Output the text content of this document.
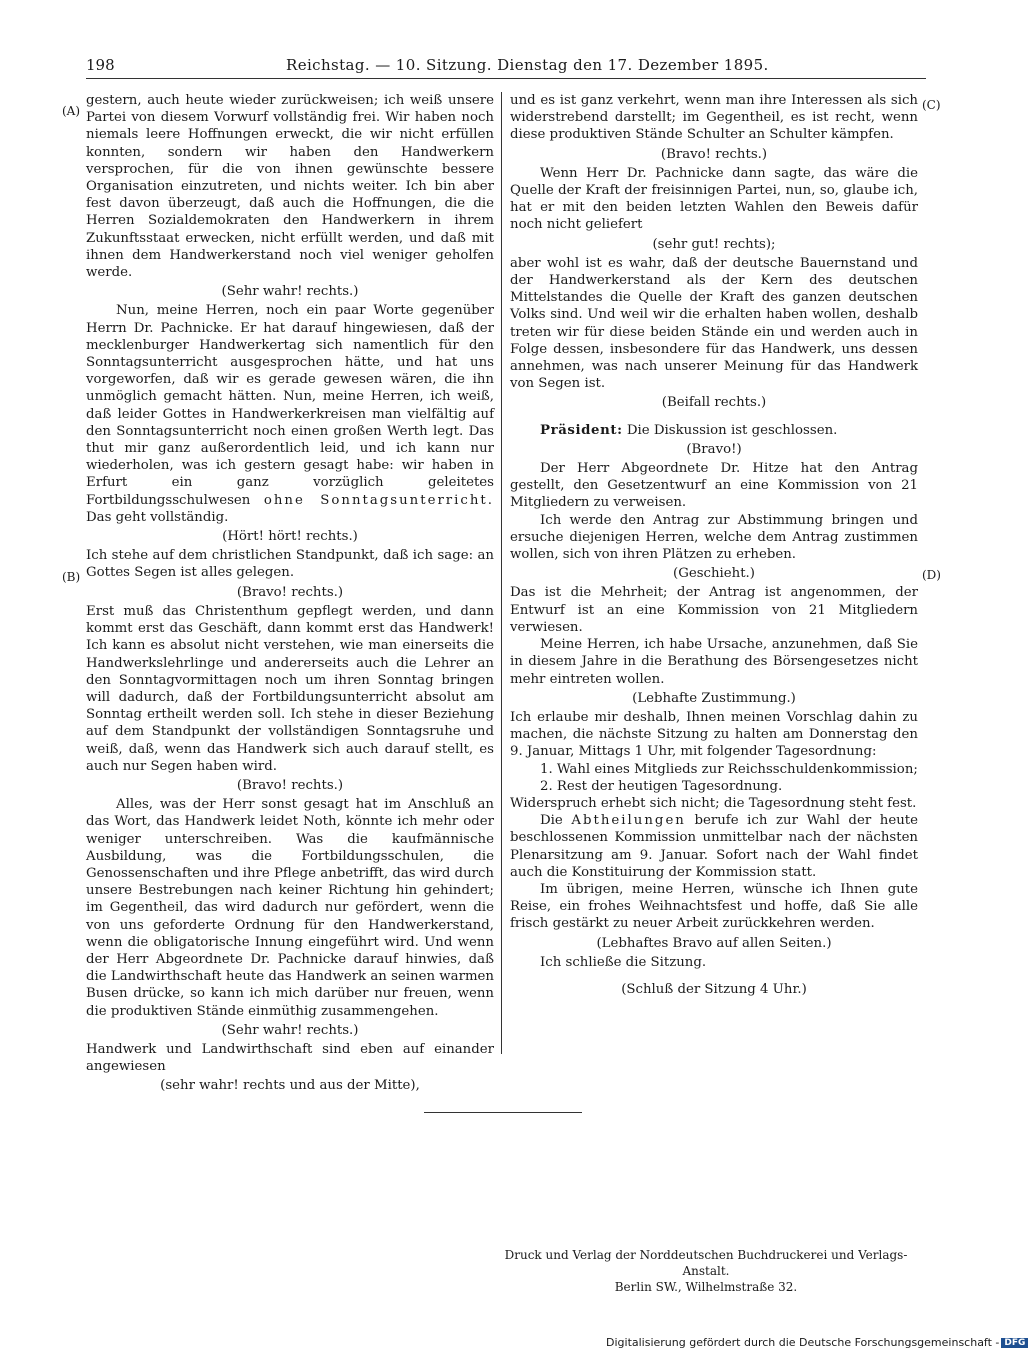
198	Reichstag. — 10. Sitzung. Dienstag den 17. Dezember 1895.
(A)
(B)
(C)
(D)

gestern, auch heute wieder zurückweisen; ich weiß unsere Partei von diesem Vorwurf vollständig frei. Wir haben noch niemals leere Hoffnungen erweckt, die wir nicht erfüllen konnten, sondern wir haben den Handwerkern versprochen, für die von ihnen gewünschte bessere Organisation einzutreten, und nichts weiter. Ich bin aber fest davon überzeugt, daß auch die Hoffnungen, die die Herren Sozialdemokraten den Handwerkern in ihrem Zukunftsstaat erwecken, nicht erfüllt werden, und daß mit ihnen dem Handwerkerstand noch viel weniger geholfen werde.

(Sehr wahr! rechts.)

Nun, meine Herren, noch ein paar Worte gegenüber Herrn Dr. Pachnicke. Er hat darauf hingewiesen, daß der mecklenburger Handwerkertag sich namentlich für den Sonntagsunterricht ausgesprochen hätte, und hat uns vorgeworfen, daß wir es gerade gewesen wären, die ihn unmöglich gemacht hätten. Nun, meine Herren, ich weiß, daß leider Gottes in Handwerkerkreisen man vielfältig auf den Sonntagsunterricht noch einen großen Werth legt. Das thut mir ganz außerordentlich leid, und ich kann nur wiederholen, was ich gestern gesagt habe: wir haben in Erfurt ein ganz vorzüglich geleitetes Fortbildungsschulwesen ohne Sonntagsunterricht. Das geht vollständig.

(Hört! hört! rechts.)

Ich stehe auf dem christlichen Standpunkt, daß ich sage: an Gottes Segen ist alles gelegen.

(Bravo! rechts.)

Erst muß das Christenthum gepflegt werden, und dann kommt erst das Geschäft, dann kommt erst das Handwerk! Ich kann es absolut nicht verstehen, wie man einerseits die Handwerkslehrlinge und andererseits auch die Lehrer an den Sonntagvormittagen noch um ihren Sonntag bringen will dadurch, daß der Fortbildungsunterricht absolut am Sonntag ertheilt werden soll. Ich stehe in dieser Beziehung auf dem Standpunkt der vollständigen Sonntagsruhe und weiß, daß, wenn das Handwerk sich auch darauf stellt, es auch nur Segen haben wird.

(Bravo! rechts.)

Alles, was der Herr sonst gesagt hat im Anschluß an das Wort, das Handwerk leidet Noth, könnte ich mehr oder weniger unterschreiben. Was die kaufmännische Ausbildung, was die Fortbildungsschulen, die Genossenschaften und ihre Pflege anbetrifft, das wird durch unsere Bestrebungen nach keiner Richtung hin gehindert; im Gegentheil, das wird dadurch nur gefördert, wenn die von uns geforderte Ordnung für den Handwerkerstand, wenn die obligatorische Innung eingeführt wird. Und wenn der Herr Abgeordnete Dr. Pachnicke darauf hinwies, daß die Landwirthschaft heute das Handwerk an seinen warmen Busen drücke, so kann ich mich darüber nur freuen, wenn die produktiven Stände einmüthig zusammengehen.

(Sehr wahr! rechts.)

Handwerk und Landwirthschaft sind eben auf einander angewiesen

(sehr wahr! rechts und aus der Mitte),

und es ist ganz verkehrt, wenn man ihre Interessen als sich widerstrebend darstellt; im Gegentheil, es ist recht, wenn diese produktiven Stände Schulter an Schulter kämpfen.

(Bravo! rechts.)

Wenn Herr Dr. Pachnicke dann sagte, das wäre die Quelle der Kraft der freisinnigen Partei, nun, so, glaube ich, hat er mit den beiden letzten Wahlen den Beweis dafür noch nicht geliefert

(sehr gut! rechts);

aber wohl ist es wahr, daß der deutsche Bauernstand und der Handwerkerstand als der Kern des deutschen Mittelstandes die Quelle der Kraft des ganzen deutschen Volks sind. Und weil wir die erhalten haben wollen, deshalb treten wir für diese beiden Stände ein und werden auch in Folge dessen, insbesondere für das Handwerk, uns dessen annehmen, was nach unserer Meinung für das Handwerk von Segen ist.

(Beifall rechts.)

Präsident: Die Diskussion ist geschlossen.

(Bravo!)

Der Herr Abgeordnete Dr. Hitze hat den Antrag gestellt, den Gesetzentwurf an eine Kommission von 21 Mitgliedern zu verweisen.

Ich werde den Antrag zur Abstimmung bringen und ersuche diejenigen Herren, welche dem Antrag zustimmen wollen, sich von ihren Plätzen zu erheben.

(Geschieht.)

Das ist die Mehrheit; der Antrag ist angenommen, der Entwurf ist an eine Kommission von 21 Mitgliedern verwiesen.

Meine Herren, ich habe Ursache, anzunehmen, daß Sie in diesem Jahre in die Berathung des Börsengesetzes nicht mehr eintreten wollen.

(Lebhafte Zustimmung.)

Ich erlaube mir deshalb, Ihnen meinen Vorschlag dahin zu machen, die nächste Sitzung zu halten am Donnerstag den 9. Januar, Mittags 1 Uhr, mit folgender Tagesordnung:

1. Wahl eines Mitglieds zur Reichsschuldenkommission;

2. Rest der heutigen Tagesordnung.

Widerspruch erhebt sich nicht; die Tagesordnung steht fest.

Die Abtheilungen berufe ich zur Wahl der heute beschlossenen Kommission unmittelbar nach der nächsten Plenarsitzung am 9. Januar. Sofort nach der Wahl findet auch die Konstituirung der Kommission statt.

Im übrigen, meine Herren, wünsche ich Ihnen gute Reise, ein frohes Weihnachtsfest und hoffe, daß Sie alle frisch gestärkt zu neuer Arbeit zurückkehren werden.

(Lebhaftes Bravo auf allen Seiten.)

Ich schließe die Sitzung.

(Schluß der Sitzung 4 Uhr.)

Druck und Verlag der Norddeutschen Buchdruckerei und Verlags-Anstalt.
Berlin SW., Wilhelmstraße 32.
Digitalisierung gefördert durch die Deutsche Forschungsgemeinschaft - DFG
